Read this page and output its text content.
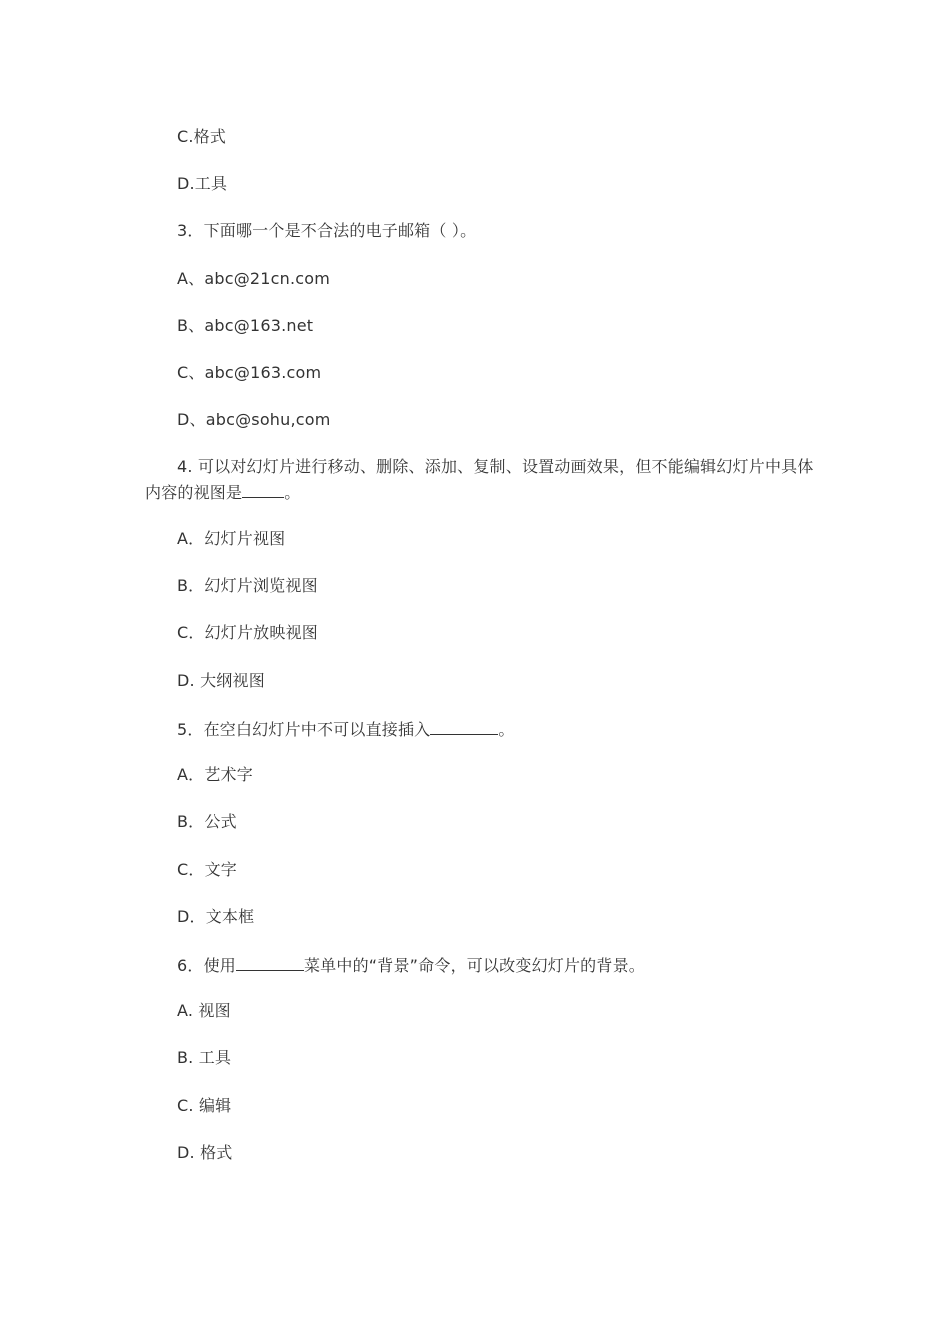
C.格式
D.工具
3．下面哪一个是不合法的电子邮箱（ ）。
A、abc@21cn.com
B、abc@163.net
C、abc@163.com
D、abc@sohu,com
4. 可以对幻灯片进行移动、删除、添加、复制、设置动画效果，但不能编辑幻灯片中具体内容的视图是	。
A．幻灯片视图
B．幻灯片浏览视图
C．幻灯片放映视图
D. 大纲视图
5．在空白幻灯片中不可以直接插入	。
A．艺术字
B．公式
C．文字
D．文本框
6．使用	菜单中的“背景”命令，可以改变幻灯片的背景。
A. 视图
B. 工具
C. 编辑
D. 格式
